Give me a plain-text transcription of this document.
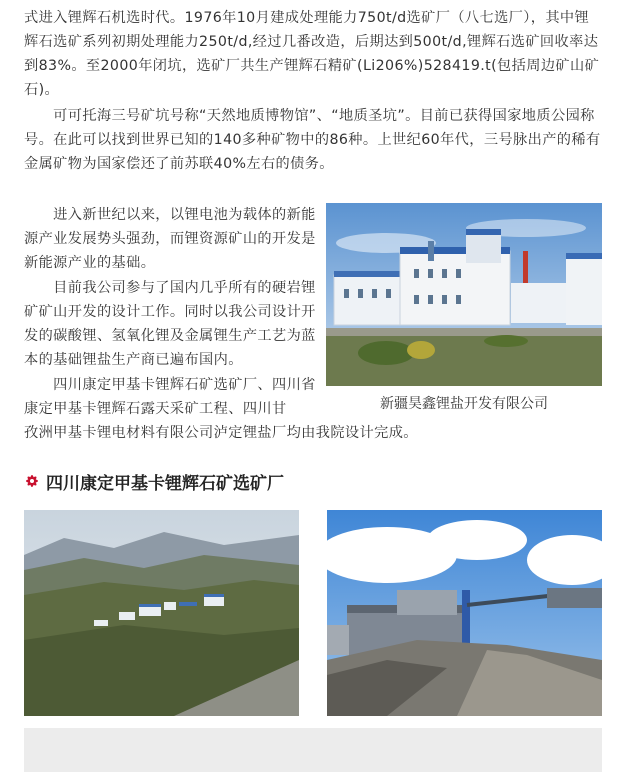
式进入锂辉石机选时代。1976年10月建成处理能力750t/d选矿厂（八七选厂），其中锂辉石选矿系列初期处理能力250t/d,经过几番改造，后期达到500t/d,锂辉石选矿回收率达到83%。至2000年闭坑，选矿厂共生产锂辉石精矿(Li206%)528419.t(包括周边矿山矿石)。

　　可可托海三号矿坑号称“天然地质博物馆”、“地质圣坑”。目前已获得国家地质公园称号。在此可以找到世界已知的140多种矿物中的86种。上世纪60年代，三号脉出产的稀有金属矿物为国家偿还了前苏联40%左右的债务。

　　进入新世纪以来，以锂电池为载体的新能源产业发展势头强劲，而锂资源矿山的开发是新能源产业的基础。

　　目前我公司参与了国内几乎所有的硬岩锂矿矿山开发的设计工作。同时以我公司设计开发的碳酸锂、氢氧化锂及金属锂生产工艺为蓝本的基础锂盐生产商已遍布国内。

　　四川康定甲基卡锂辉石矿选矿厂、四川省康定甲基卡锂辉石露天采矿工程、四川甘

孜洲甲基卡锂电材料有限公司泸定锂盐厂均由我院设计完成。

新疆昊鑫锂盐开发有限公司
四川康定甲基卡锂辉石矿选矿厂
